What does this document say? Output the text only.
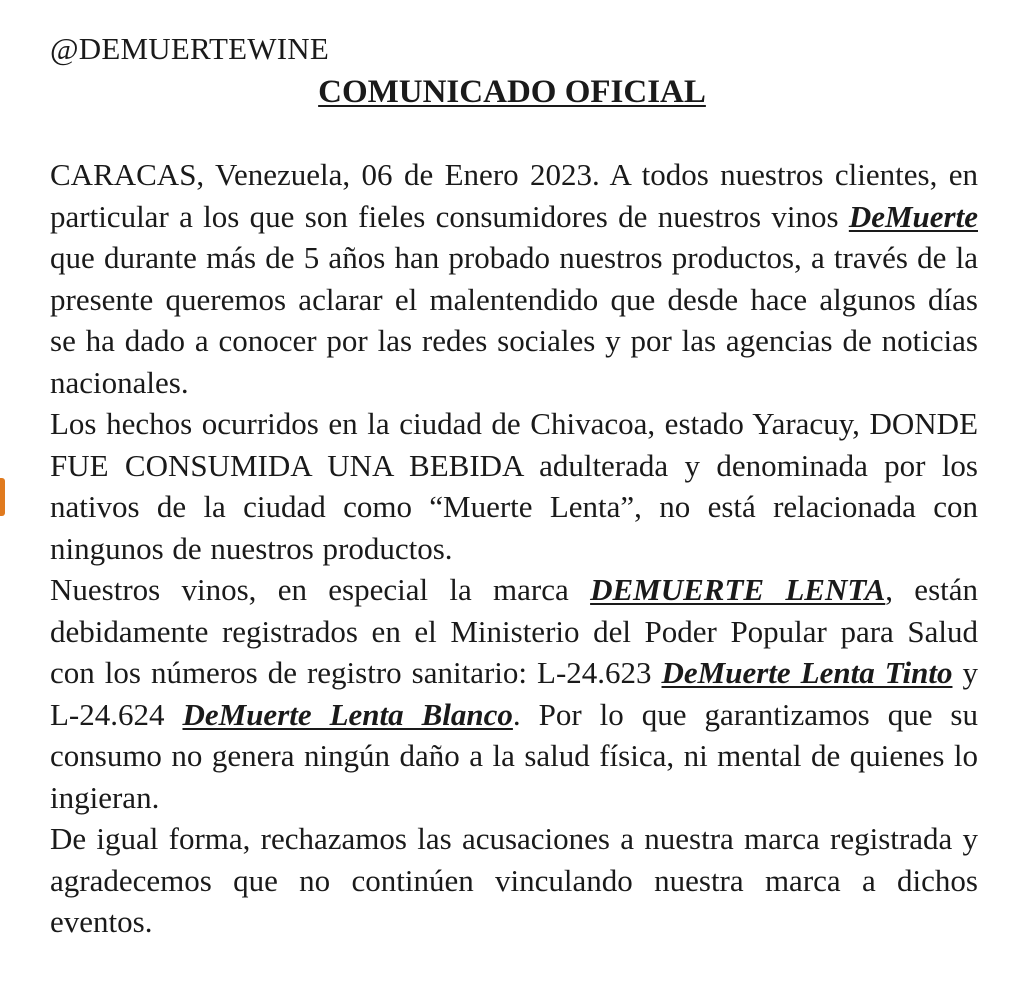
@DEMUERTEWINE
COMUNICADO OFICIAL

CARACAS, Venezuela, 06 de Enero 2023. A todos nuestros clientes, en particular a los que son fieles consumidores de nuestros vinos DeMuerte que durante más de 5 años han probado nuestros productos, a través de la presente queremos aclarar el malentendido que desde hace algunos días se ha dado a conocer por las redes sociales y por las agencias de noticias nacionales.

Los hechos ocurridos en la ciudad de Chivacoa, estado Yaracuy, DONDE FUE CONSUMIDA UNA BEBIDA adulterada y denominada por los nativos de la ciudad como “Muerte Lenta”, no está relacionada con ningunos de nuestros productos.

Nuestros vinos, en especial la marca DEMUERTE LENTA, están debidamente registrados en el Ministerio del Poder Popular para Salud con los números de registro sanitario: L-24.623 DeMuerte Lenta Tinto y L-24.624 DeMuerte Lenta Blanco. Por lo que garantizamos que su consumo no genera ningún daño a la salud física, ni mental de quienes lo ingieran.

De igual forma, rechazamos las acusaciones a nuestra marca registrada y agradecemos que no continúen vinculando nuestra marca a dichos eventos.
